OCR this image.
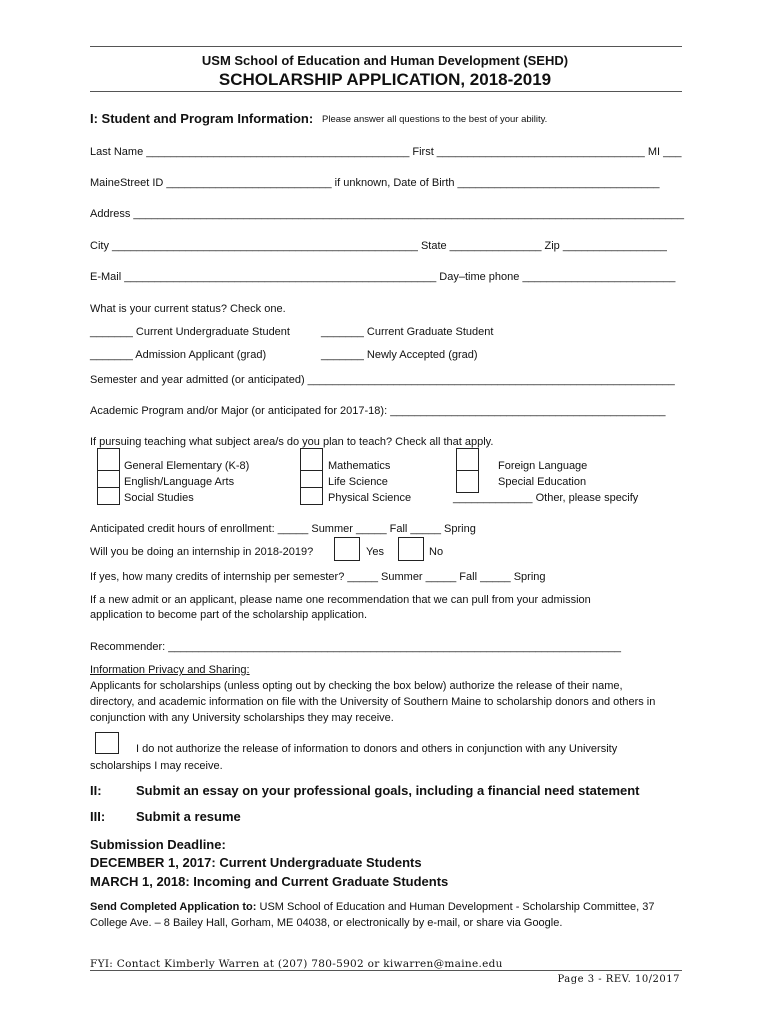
USM School of Education and Human Development (SEHD)
SCHOLARSHIP APPLICATION, 2018-2019
I: Student and Program Information: Please answer all questions to the best of your ability.
Last Name ___________________________________________ First __________________________________ MI ___
MaineStreet ID ___________________________ if unknown, Date of Birth _________________________________
Address __________________________________________________________________________________________
City __________________________________________________ State _______________ Zip _________________
E-Mail ___________________________________________________ Day–time phone _________________________
What is your current status? Check one.
_______ Current Undergraduate Student	_______ Current Graduate Student
_______ Admission Applicant (grad)	_______ Newly Accepted (grad)
Semester and year admitted (or anticipated) ____________________________________________________________
Academic Program and/or Major (or anticipated for 2017-18): _____________________________________________
If pursuing teaching what subject area/s do you plan to teach? Check all that apply.
General Elementary (K-8)
English/Language Arts
Social Studies
Mathematics
Life Science
Physical Science
Foreign Language
Special Education
_____________ Other, please specify
Anticipated credit hours of enrollment: _____ Summer _____ Fall _____ Spring
Will you be doing an internship in 2018-2019?	Yes	No
If yes, how many credits of internship per semester? _____ Summer _____ Fall _____ Spring
If a new admit or an applicant, please name one recommendation that we can pull from your admission
application to become part of the scholarship application.
Recommender: __________________________________________________________________________
Information Privacy and Sharing:
Applicants for scholarships (unless opting out by checking the box below) authorize the release of their name,
directory, and academic information on file with the University of Southern Maine to scholarship donors and others in
conjunction with any University scholarships they may receive.
I do not authorize the release of information to donors and others in conjunction with any University
scholarships I may receive.
II:	Submit an essay on your professional goals, including a financial need statement
III: Submit a resume
Submission Deadline:
DECEMBER 1, 2017: Current Undergraduate Students
MARCH 1, 2018: Incoming and Current Graduate Students
Send Completed Application to: USM School of Education and Human Development - Scholarship Committee, 37
College Ave. – 8 Bailey Hall, Gorham, ME 04038, or electronically by e-mail, or share via Google.
FYI: Contact Kimberly Warren at (207) 780-5902 or kiwarren@maine.edu
Page 3 - REV. 10/2017
